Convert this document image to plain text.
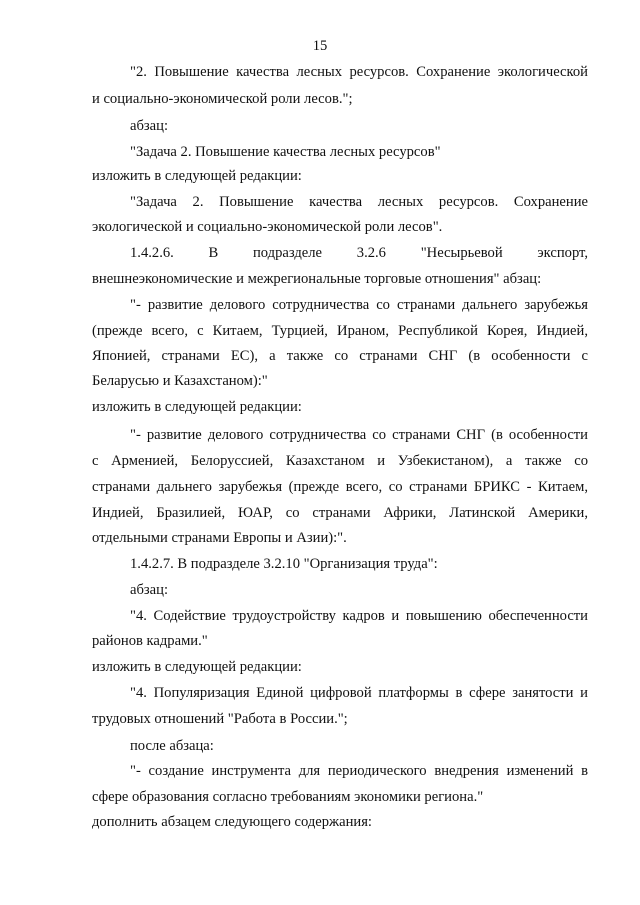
15
"2. Повышение качества лесных ресурсов. Сохранение экологической
и социально-экономической роли лесов.";
абзац:
"Задача 2. Повышение качества лесных ресурсов"
изложить в следующей редакции:
"Задача 2. Повышение качества лесных ресурсов. Сохранение
экологической и социально-экономической роли лесов".
1.4.2.6. В подразделе 3.2.6 "Несырьевой экспорт,
внешнеэкономические и межрегиональные торговые отношения" абзац:
"- развитие делового сотрудничества со странами дальнего зарубежья
(прежде всего, с Китаем, Турцией, Ираном, Республикой Корея, Индией,
Японией, странами ЕС), а также со странами СНГ (в особенности с
Беларусью и Казахстаном):"
изложить в следующей редакции:
"- развитие делового сотрудничества со странами СНГ (в особенности
с Арменией, Белоруссией, Казахстаном и Узбекистаном), а также со
странами дальнего зарубежья (прежде всего, со странами БРИКС - Китаем,
Индией, Бразилией, ЮАР, со странами Африки, Латинской Америки,
отдельными странами Европы и Азии):".
1.4.2.7. В подразделе 3.2.10 "Организация труда":
абзац:
"4. Содействие трудоустройству кадров и повышению обеспеченности
районов кадрами."
изложить в следующей редакции:
"4. Популяризация Единой цифровой платформы в сфере занятости и
трудовых отношений "Работа в России.";
после абзаца:
"- создание инструмента для периодического внедрения изменений в
сфере образования согласно требованиям экономики региона."
дополнить абзацем следующего содержания:
